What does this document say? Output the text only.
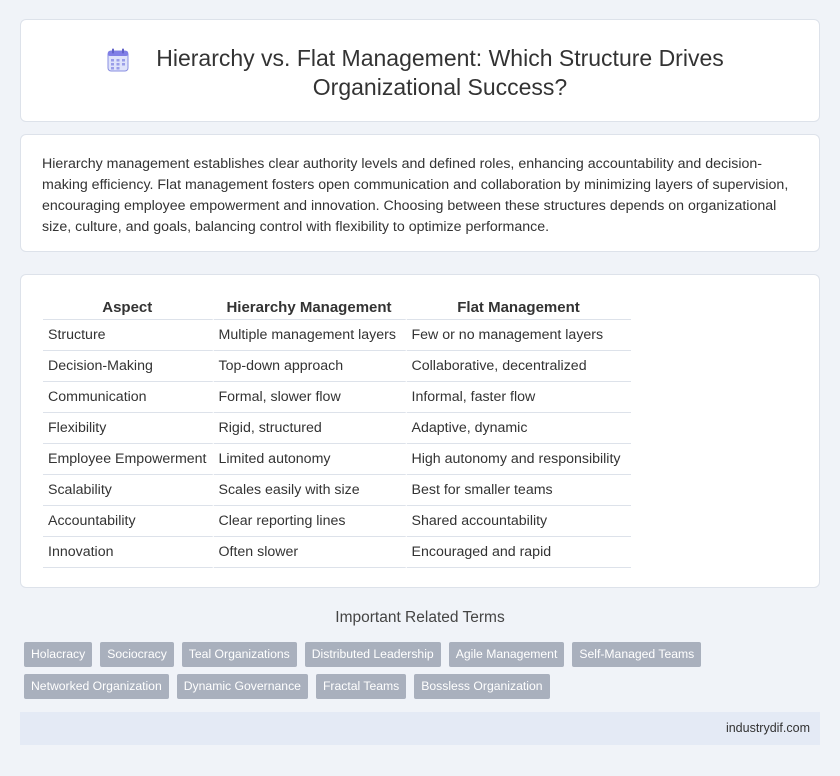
Hierarchy vs. Flat Management: Which Structure Drives Organizational Success?

Hierarchy management establishes clear authority levels and defined roles, enhancing accountability and decision-making efficiency. Flat management fosters open communication and collaboration by minimizing layers of supervision, encouraging employee empowerment and innovation. Choosing between these structures depends on organizational size, culture, and goals, balancing control with flexibility to optimize performance.

Aspect	Hierarchy Management	Flat Management
Structure	Multiple management layers	Few or no management layers
Decision-Making	Top-down approach	Collaborative, decentralized
Communication	Formal, slower flow	Informal, faster flow
Flexibility	Rigid, structured	Adaptive, dynamic
Employee Empowerment	Limited autonomy	High autonomy and responsibility
Scalability	Scales easily with size	Best for smaller teams
Accountability	Clear reporting lines	Shared accountability
Innovation	Often slower	Encouraged and rapid
Important Related Terms
Holacracy	Sociocracy	Teal Organizations	Distributed Leadership	Agile Management	Self-Managed Teams
Networked Organization	Dynamic Governance	Fractal Teams	Bossless Organization
industrydif.com
